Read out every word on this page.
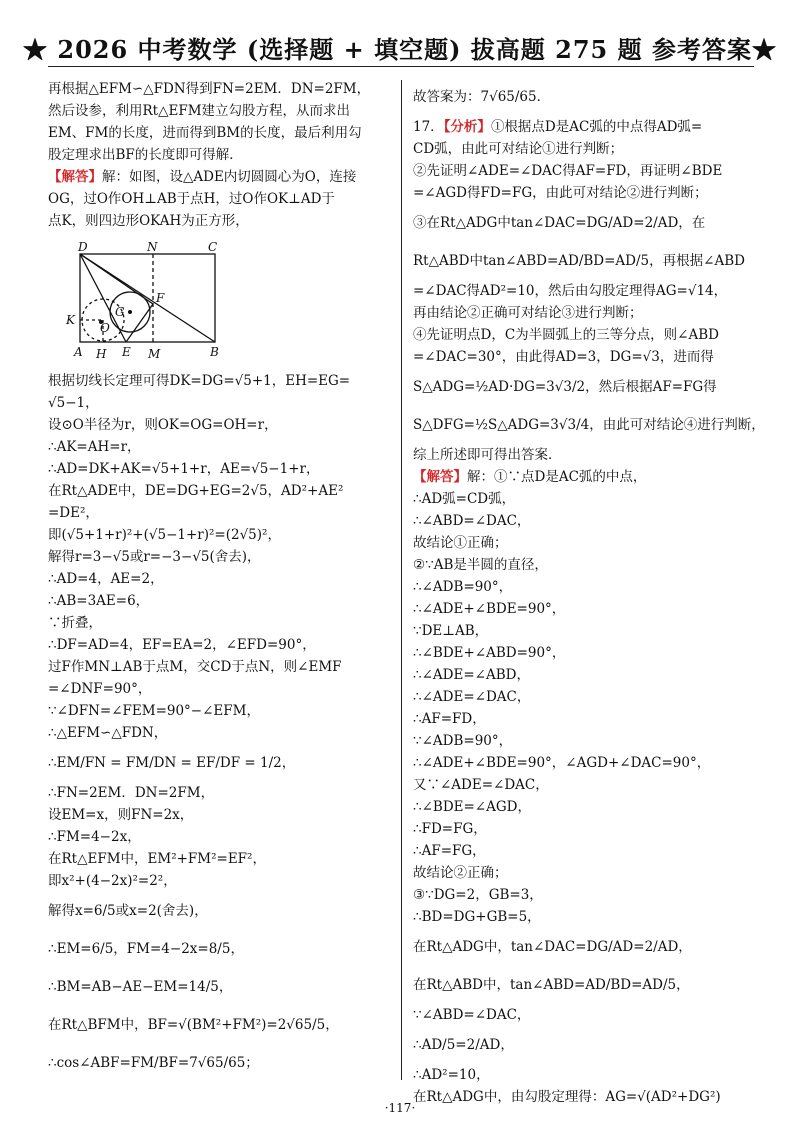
★ 2026 中考数学 (选择题 + 填空题) 拔高题 275 题 参考答案★
再根据△EFM∽△FDN得到FN=2EM．DN=2FM，
然后设参，利用Rt△EFM建立勾股方程，从而求出
EM、FM的长度，进而得到BM的长度，最后利用勾
股定理求出BF的长度即可得解．
【解答】解：如图，设△ADE内切圆圆心为O，连接
OG，过O作OH⊥AB于点H，过O作OK⊥AD于
点K，则四边形OKAH为正方形，
D	N	C
F
G
O
K
A H E M	B
根据切线长定理可得DK=DG=√5+1，EH=EG=
√5−1，
设⊙O半径为r，则OK=OG=OH=r，
∴AK=AH=r，
∴AD=DK+AK=√5+1+r，AE=√5−1+r，
在Rt△ADE中，DE=DG+EG=2√5，AD²+AE²
=DE²，
即(√5+1+r)²+(√5−1+r)²=(2√5)²，
解得r=3−√5或r=−3−√5(舍去)，
∴AD=4，AE=2，
∴AB=3AE=6，
∵折叠，
∴DF=AD=4，EF=EA=2，∠EFD=90°，
过F作MN⊥AB于点M，交CD于点N，则∠EMF
=∠DNF=90°，
∵∠DFN=∠FEM=90°−∠EFM，
∴△EFM∽△FDN，
∴EM/FN = FM/DN = EF/DF = 1/2，
∴FN=2EM．DN=2FM，
设EM=x，则FN=2x，
∴FM=4−2x，
在Rt△EFM中，EM²+FM²=EF²，
即x²+(4−2x)²=2²，
解得x=6/5或x=2(舍去)，
∴EM=6/5，FM=4−2x=8/5，
∴BM=AB−AE−EM=14/5，
在Rt△BFM中，BF=√(BM²+FM²)=2√65/5，
∴cos∠ABF=FM/BF=7√65/65；
故答案为：7√65/65．
17．【分析】①根据点D是AC弧的中点得AD弧=
CD弧，由此可对结论①进行判断；
②先证明∠ADE=∠DAC得AF=FD，再证明∠BDE
=∠AGD得FD=FG，由此可对结论②进行判断；
③在Rt△ADG中tan∠DAC=DG/AD=2/AD，在
Rt△ABD中tan∠ABD=AD/BD=AD/5，再根据∠ABD
=∠DAC得AD²=10，然后由勾股定理得AG=√14，
再由结论②正确可对结论③进行判断；
④先证明点D，C为半圆弧上的三等分点，则∠ABD
=∠DAC=30°，由此得AD=3，DG=√3，进而得
S△ADG=½AD·DG=3√3/2，然后根据AF=FG得
S△DFG=½S△ADG=3√3/4，由此可对结论④进行判断，
综上所述即可得出答案．
【解答】解：①∵点D是AC弧的中点，
∴AD弧=CD弧，
∴∠ABD=∠DAC，
故结论①正确；
②∵AB是半圆的直径，
∴∠ADB=90°，
∴∠ADE+∠BDE=90°，
∵DE⊥AB，
∴∠BDE+∠ABD=90°，
∴∠ADE=∠ABD，
∴∠ADE=∠DAC，
∴AF=FD，
∵∠ADB=90°，
∴∠ADE+∠BDE=90°，∠AGD+∠DAC=90°，
又∵∠ADE=∠DAC，
∴∠BDE=∠AGD，
∴FD=FG，
∴AF=FG，
故结论②正确；
③∵DG=2，GB=3，
∴BD=DG+GB=5，
在Rt△ADG中，tan∠DAC=DG/AD=2/AD，
在Rt△ABD中，tan∠ABD=AD/BD=AD/5，
∵∠ABD=∠DAC，
∴AD/5=2/AD，
∴AD²=10，
在Rt△ADG中，由勾股定理得：AG=√(AD²+DG²)
·117·
